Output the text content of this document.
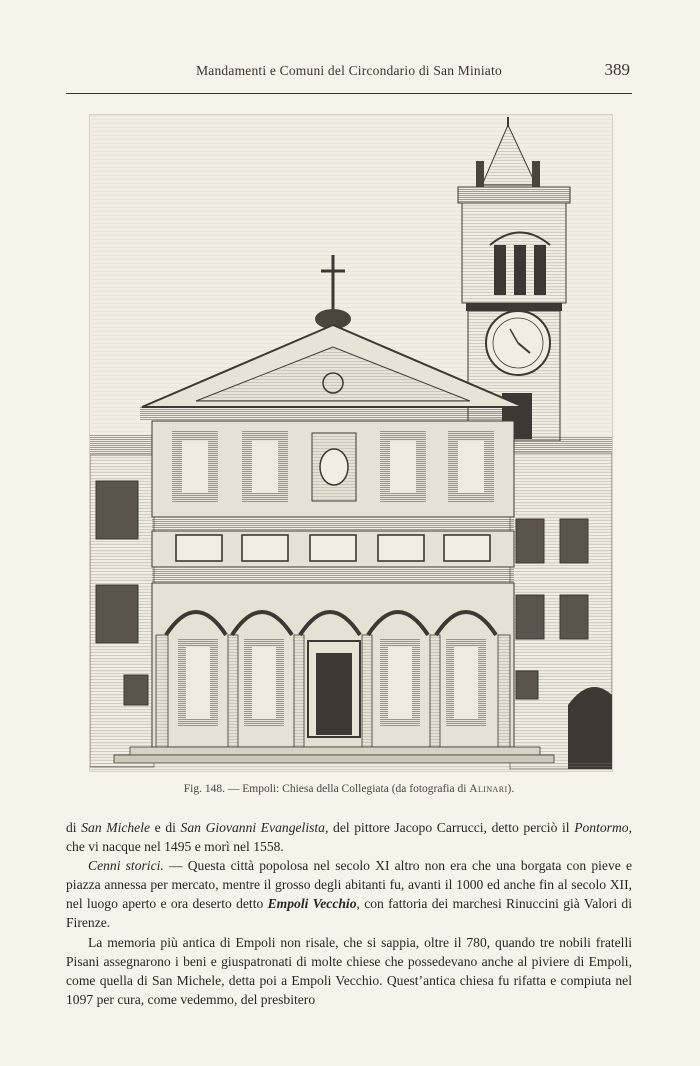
Mandamenti e Comuni del Circondario di San Miniato	389
Fig. 148. — Empoli: Chiesa della Collegiata (da fotografia di Alinari).

di San Michele e di San Giovanni Evangelista, del pittore Jacopo Carrucci, detto perciò il Pontormo, che vi nacque nel 1495 e morì nel 1558.

Cenni storici. — Questa città popolosa nel secolo XI altro non era che una borgata con pieve e piazza annessa per mercato, mentre il grosso degli abitanti fu, avanti il 1000 ed anche fin al secolo XII, nel luogo aperto e ora deserto detto Empoli Vecchio, con fattoria dei marchesi Rinuccini già Valori di Firenze.

La memoria più antica di Empoli non risale, che si sappia, oltre il 780, quando tre nobili fratelli Pisani assegnarono i beni e giuspatronati di molte chiese che possedevano anche al piviere di Empoli, come quella di San Michele, detta poi a Empoli Vecchio. Quest’antica chiesa fu rifatta e compiuta nel 1097 per cura, come vedemmo, del presbitero
